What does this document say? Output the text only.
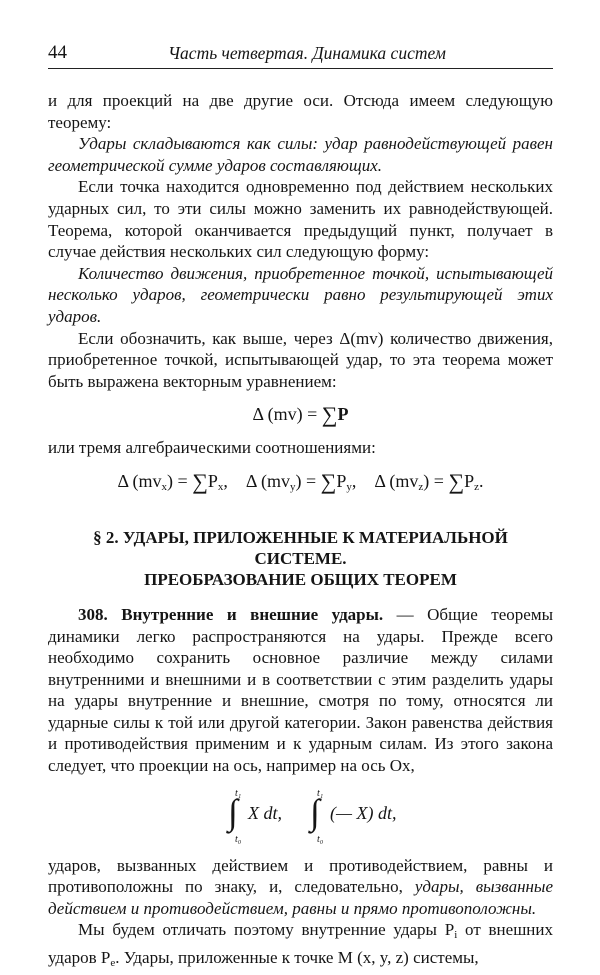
44	Часть четвертая. Динамика систем

и для проекций на две другие оси. Отсюда имеем следующую теорему:

Удары складываются как силы: удар равнодействующей равен геометрической сумме ударов составляющих.

Если точка находится одновременно под действием нескольких ударных сил, то эти силы можно заменить их равнодействующей. Теорема, которой оканчивается предыдущий пункт, получает в случае действия нескольких сил следующую форму:

Количество движения, приобретенное точкой, испытывающей несколько ударов, геометрически равно результирующей этих ударов.

Если обозначить, как выше, через Δ(mv) количество движения, приобретенное точкой, испытывающей удар, то эта теорема может быть выражена векторным уравнением:

Δ (mv) = ∑P

или тремя алгебраическими соотношениями:

Δ $(mv_x) = \sum P_x$, Δ $(mv_y) = \sum P_y$, Δ $(mv_z) = \sum P_z$.
§ 2. УДАРЫ, ПРИЛОЖЕННЫЕ К МАТЕРИАЛЬНОЙ СИСТЕМЕ.
ПРЕОБРАЗОВАНИЕ ОБЩИХ ТЕОРЕМ

308. Внутренние и внешние удары. — Общие теоремы динамики легко распространяются на удары. Прежде всего необходимо сохранить основное различие между силами внутренними и внешними и в соответствии с этим разделить удары на удары внутренние и внешние, смотря по тому, относятся ли ударные силы к той или другой категории. Закон равенства действия и противодействия применим и к ударным силам. Из этого закона следует, что проекции на ось, например на ось Ox,

∫
t₁
t₀
X dt, ∫
t₁
t₀
(— X) dt,

ударов, вызванных действием и противодействием, равны и противоположны по знаку, и, следовательно, удары, вызванные действием и противодействием, равны и прямо противоположны.

Мы будем отличать поэтому внутренние удары $P_i$ от внешних ударов $P_e$. Удары, приложенные к точке M (x, y, z) системы,
